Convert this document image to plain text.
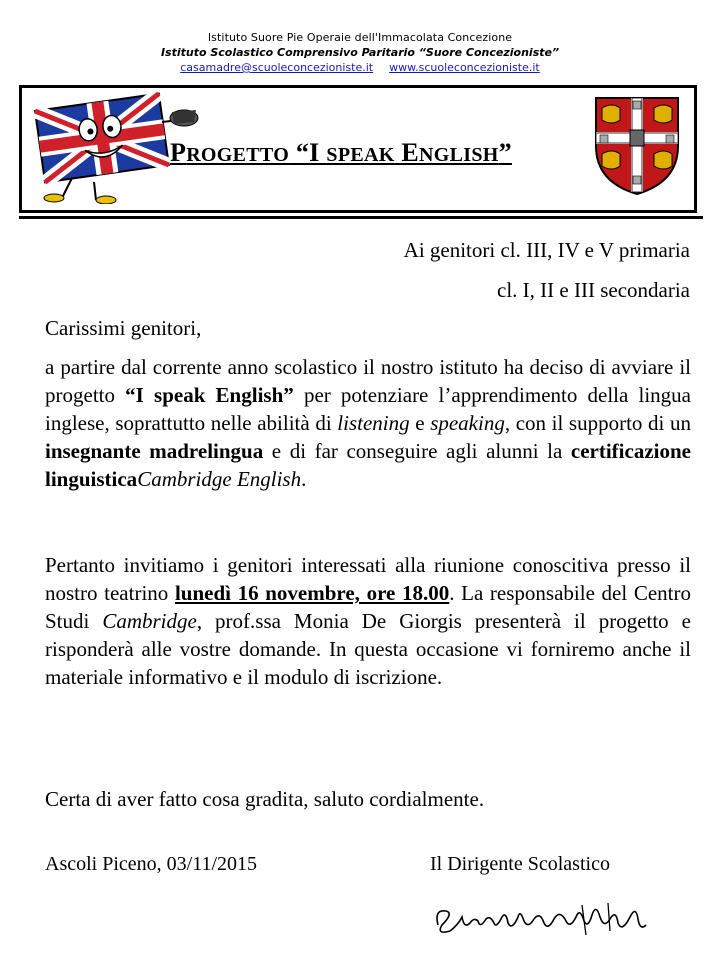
Istituto Suore Pie Operaie dell'Immacolata Concezione
Istituto Scolastico Comprensivo Paritario “Suore Concezioniste”
casamadre@scuoleconcezioniste.it www.scuoleconcezioniste.it
PROGETTO “I SPEAK ENGLISH”
Ai genitori cl. III, IV e V primaria
cl. I, II e III secondaria
Carissimi genitori,

a partire dal corrente anno scolastico il nostro istituto ha deciso di avviare il progetto “I speak English” per potenziare l’apprendimento della lingua inglese, soprattutto nelle abilità di listening e speaking, con il supporto di un insegnante madrelingua e di far conseguire agli alunni la certificazione linguisticaCambridge English.

Pertanto invitiamo i genitori interessati alla riunione conoscitiva presso il nostro teatrino lunedì 16 novembre, ore 18.00. La responsabile del Centro Studi Cambridge, prof.ssa Monia De Giorgis presenterà il progetto e risponderà alle vostre domande. In questa occasione vi forniremo anche il materiale informativo e il modulo di iscrizione.

Certa di aver fatto cosa gradita, saluto cordialmente.

Ascoli Piceno, 03/11/2015	Il Dirigente Scolastico
